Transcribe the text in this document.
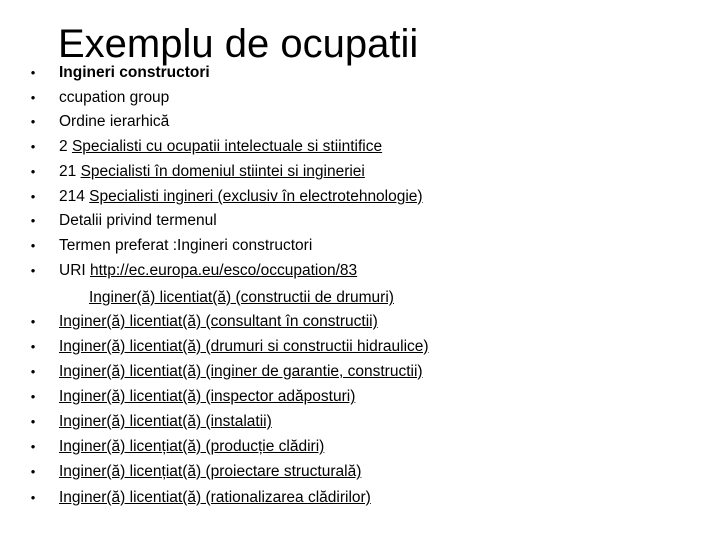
Exemplu de ocupatii
• Ingineri constructori
• ccupation group
• Ordine ierarhică
• 2 Specialisti cu ocupatii intelectuale si stiintifice
• 21 Specialisti în domeniul stiintei si ingineriei
• 214 Specialisti ingineri (exclusiv în electrotehnologie)
• Detalii privind termenul
• Termen preferat :Ingineri constructori
• URI http://ec.europa.eu/esco/occupation/83
Inginer(ă) licentiat(ă) (constructii de drumuri)
• Inginer(ă) licentiat(ă) (consultant în constructii)
• Inginer(ă) licentiat(ă) (drumuri si constructii hidraulice)
• Inginer(ă) licentiat(ă) (inginer de garantie, constructii)
• Inginer(ă) licentiat(ă) (inspector adăposturi)
• Inginer(ă) licentiat(ă) (instalatii)
• Inginer(ă) licențiat(ă) (producție clădiri)
• Inginer(ă) licențiat(ă) (proiectare structurală)
• Inginer(ă) licentiat(ă) (rationalizarea clădirilor)
